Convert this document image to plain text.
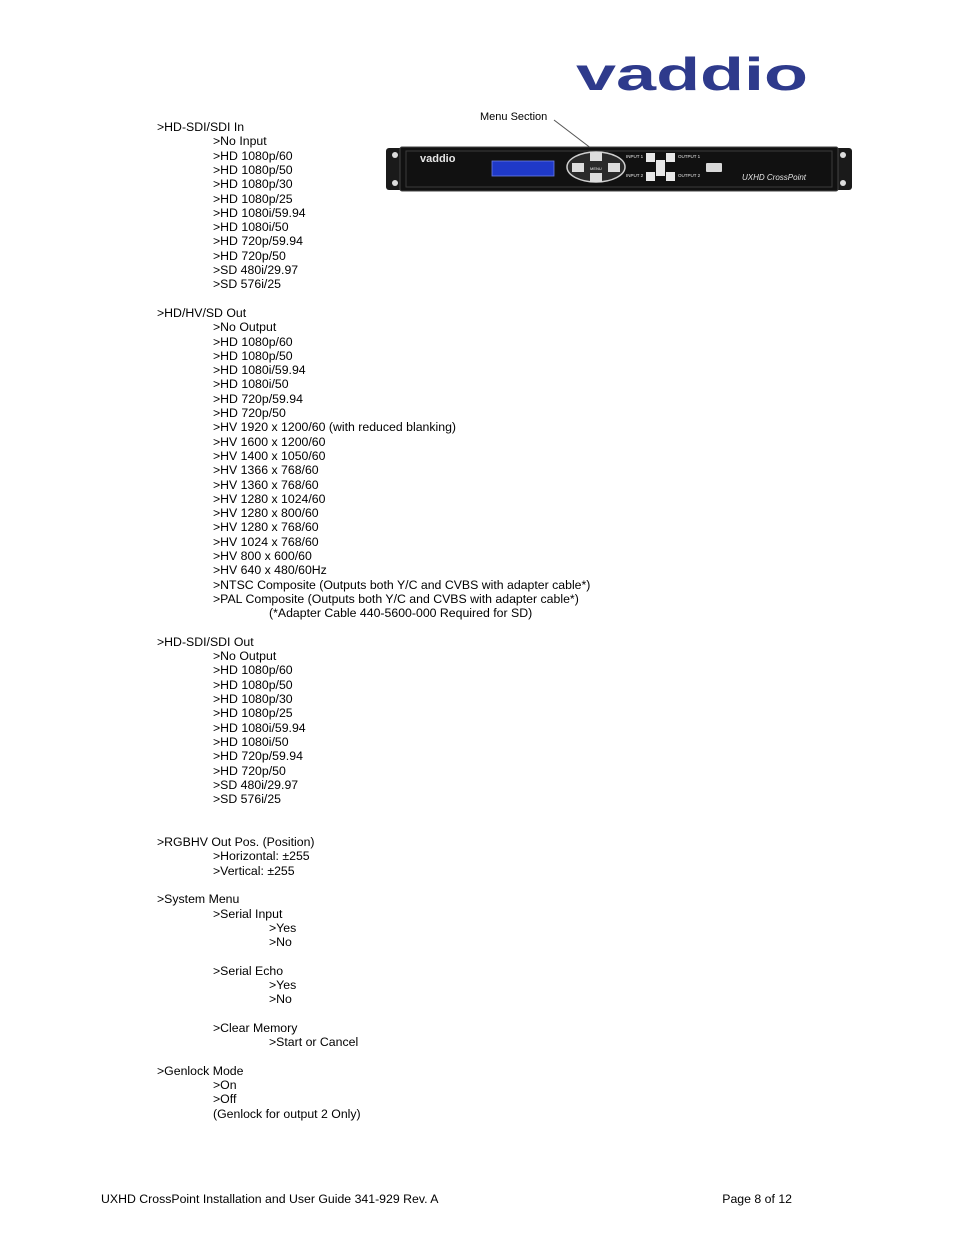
vaddio
Menu Section
vaddio
MENU
INPUT 1
INPUT 2
OUTPUT 1
OUTPUT 2	UXHD CrossPoint
>HD-SDI/SDI In
>No Input
>HD 1080p/60
>HD 1080p/50
>HD 1080p/30
>HD 1080p/25
>HD 1080i/59.94
>HD 1080i/50
>HD 720p/59.94
>HD 720p/50
>SD 480i/29.97
>SD 576i/25
>HD/HV/SD Out
>No Output
>HD 1080p/60
>HD 1080p/50
>HD 1080i/59.94
>HD 1080i/50
>HD 720p/59.94
>HD 720p/50
>HV 1920 x 1200/60 (with reduced blanking)
>HV 1600 x 1200/60
>HV 1400 x 1050/60
>HV 1366 x 768/60
>HV 1360 x 768/60
>HV 1280 x 1024/60
>HV 1280 x 800/60
>HV 1280 x 768/60
>HV 1024 x 768/60
>HV 800 x 600/60
>HV 640 x 480/60Hz
>NTSC Composite (Outputs both Y/C and CVBS with adapter cable*)
>PAL Composite (Outputs both Y/C and CVBS with adapter cable*)
(*Adapter Cable 440-5600-000 Required for SD)
>HD-SDI/SDI Out
>No Output
>HD 1080p/60
>HD 1080p/50
>HD 1080p/30
>HD 1080p/25
>HD 1080i/59.94
>HD 1080i/50
>HD 720p/59.94
>HD 720p/50
>SD 480i/29.97
>SD 576i/25
>RGBHV Out Pos. (Position)
>Horizontal: ±255
>Vertical: ±255
>System Menu
>Serial Input
>Yes
>No
>Serial Echo
>Yes
>No
>Clear Memory
>Start or Cancel
>Genlock Mode
>On
>Off
(Genlock for output 2 Only)
UXHD CrossPoint Installation and User Guide 341-929 Rev. A	Page 8 of 12
